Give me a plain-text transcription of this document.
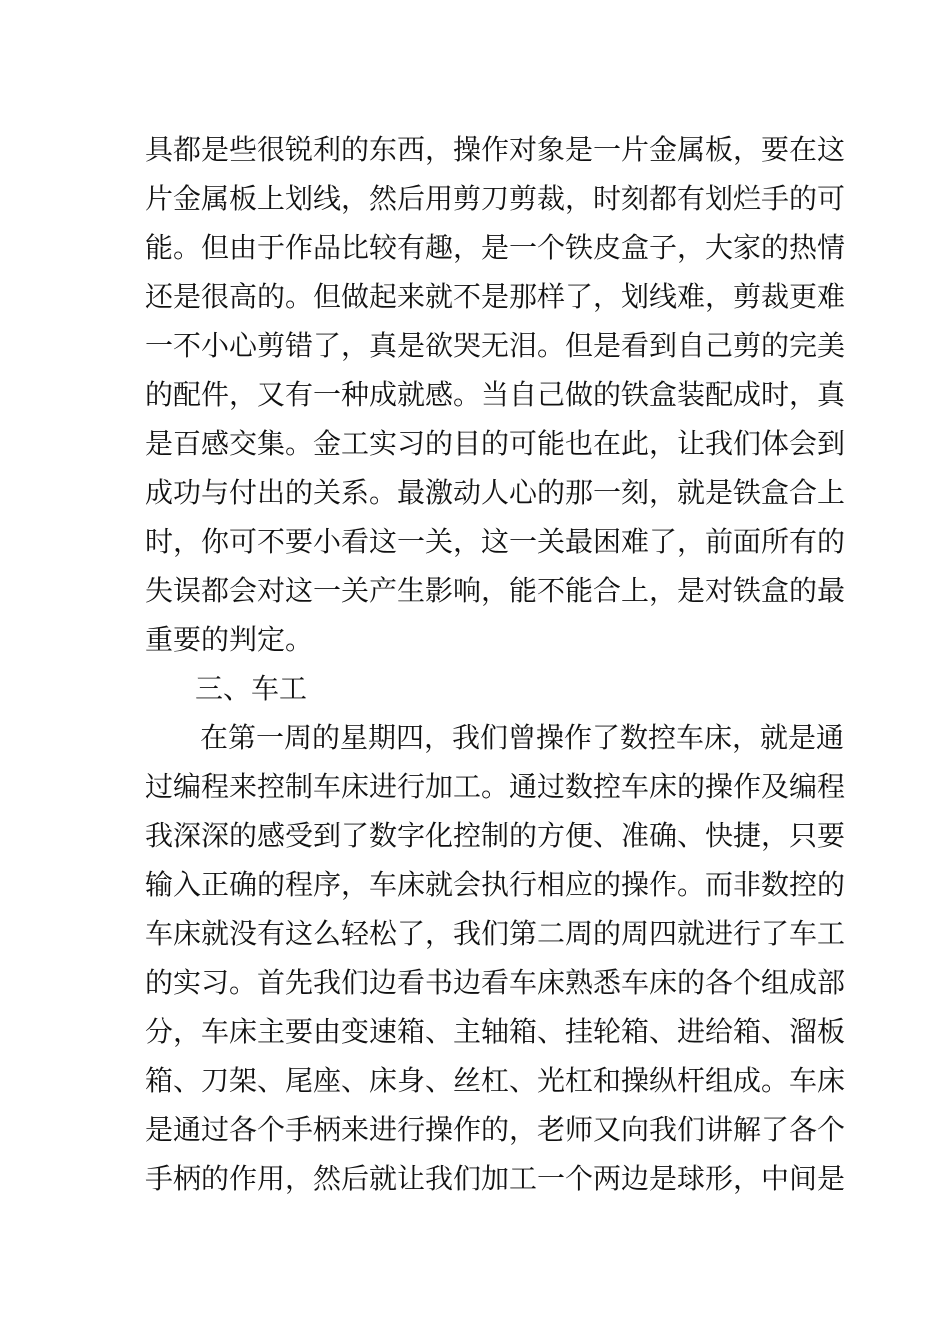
具都是些很锐利的东西，操作对象是一片金属板，要在这
片金属板上划线，然后用剪刀剪裁，时刻都有划烂手的可
能。但由于作品比较有趣，是一个铁皮盒子，大家的热情
还是很高的。但做起来就不是那样了，划线难，剪裁更难
一不小心剪错了，真是欲哭无泪。但是看到自己剪的完美
的配件，又有一种成就感。当自己做的铁盒装配成时，真
是百感交集。金工实习的目的可能也在此，让我们体会到
成功与付出的关系。最激动人心的那一刻，就是铁盒合上
时，你可不要小看这一关，这一关最困难了，前面所有的
失误都会对这一关产生影响，能不能合上，是对铁盒的最
重要的判定。
三、车工
在第一周的星期四，我们曾操作了数控车床，就是通
过编程来控制车床进行加工。通过数控车床的操作及编程
我深深的感受到了数字化控制的方便、准确、快捷，只要
输入正确的程序，车床就会执行相应的操作。而非数控的
车床就没有这么轻松了，我们第二周的周四就进行了车工
的实习。首先我们边看书边看车床熟悉车床的各个组成部
分，车床主要由变速箱、主轴箱、挂轮箱、进给箱、溜板
箱、刀架、尾座、床身、丝杠、光杠和操纵杆组成。车床
是通过各个手柄来进行操作的，老师又向我们讲解了各个
手柄的作用，然后就让我们加工一个两边是球形，中间是
